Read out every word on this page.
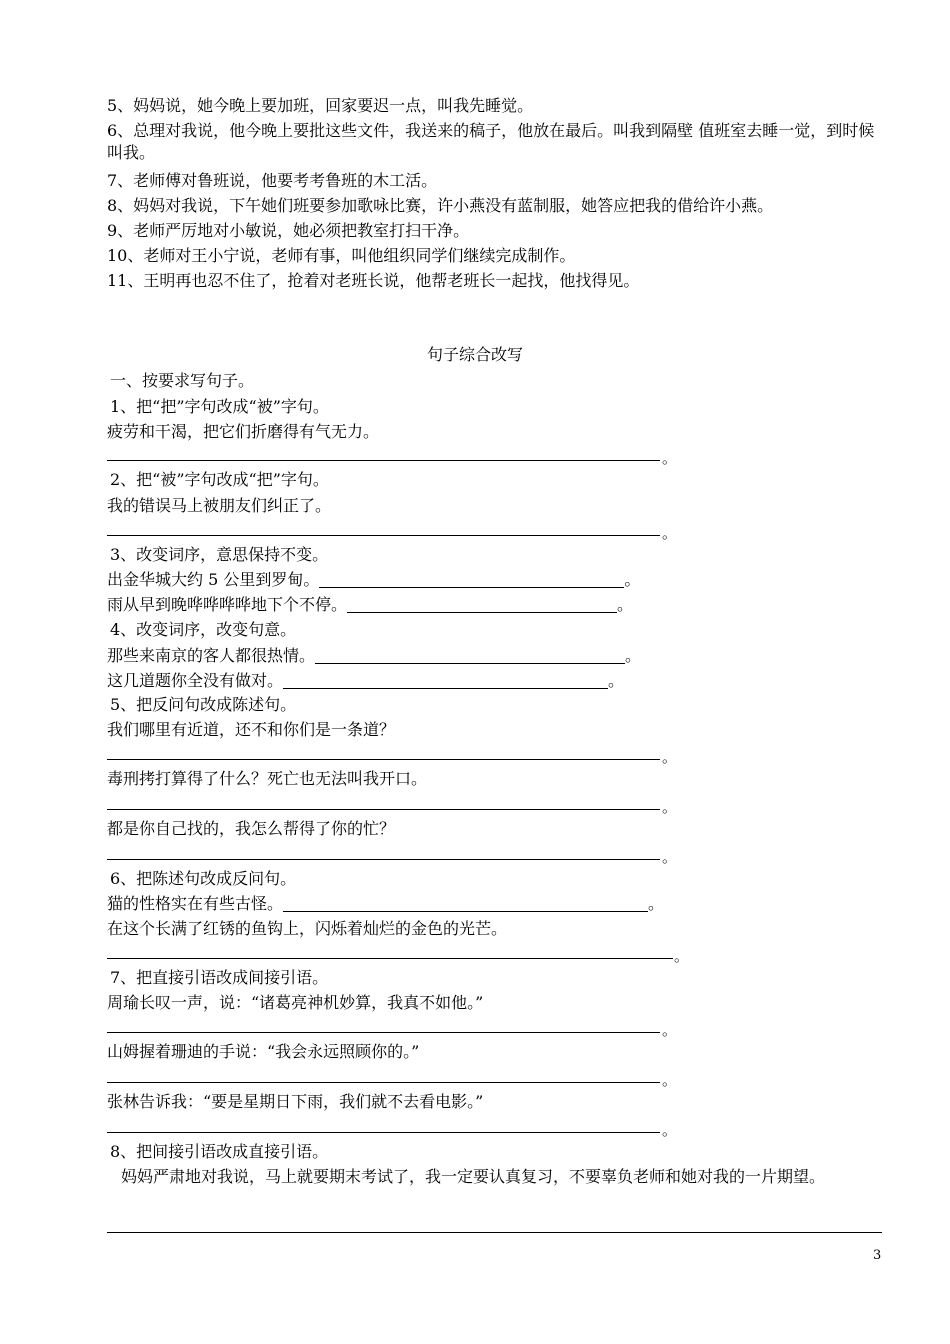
5、妈妈说，她今晚上要加班，回家要迟一点，叫我先睡觉。
6、总理对我说，他今晚上要批这些文件，我送来的稿子，他放在最后。叫我到隔壁 值班室去睡一觉，到时候叫我。
7、老师傅对鲁班说，他要考考鲁班的木工活。
8、妈妈对我说，下午她们班要参加歌咏比赛，许小燕没有蓝制服，她答应把我的借给许小燕。
9、老师严厉地对小敏说，她必须把教室打扫干净。
10、老师对王小宁说，老师有事，叫他组织同学们继续完成制作。
11、王明再也忍不住了，抢着对老班长说，他帮老班长一起找，他找得见。
句子综合改写
一、按要求写句子。
1、把“把”字句改成“被”字句。
疲劳和干渴，把它们折磨得有气无力。
。
2、把“被”字句改成“把”字句。
我的错误马上被朋友们纠正了。
。
3、改变词序，意思保持不变。
出金华城大约 5 公里到罗甸。	。
雨从早到晚哗哗哗哗地下个不停。	。
4、改变词序，改变句意。
那些来南京的客人都很热情。	。
这几道题你全没有做对。	。
5、把反问句改成陈述句。
我们哪里有近道，还不和你们是一条道？
。
毒刑拷打算得了什么？死亡也无法叫我开口。
。
都是你自己找的，我怎么帮得了你的忙？
。
6、把陈述句改成反问句。
猫的性格实在有些古怪。	。
在这个长满了红锈的鱼钩上，闪烁着灿烂的金色的光芒。
。
7、把直接引语改成间接引语。
周瑜长叹一声，说：“诸葛亮神机妙算，我真不如他。”
。
山姆握着珊迪的手说：“我会永远照顾你的。”
。
张林告诉我：“要是星期日下雨，我们就不去看电影。”
。
8、把间接引语改成直接引语。
妈妈严肃地对我说，马上就要期末考试了，我一定要认真复习，不要辜负老师和她对我的一片期望。
3
